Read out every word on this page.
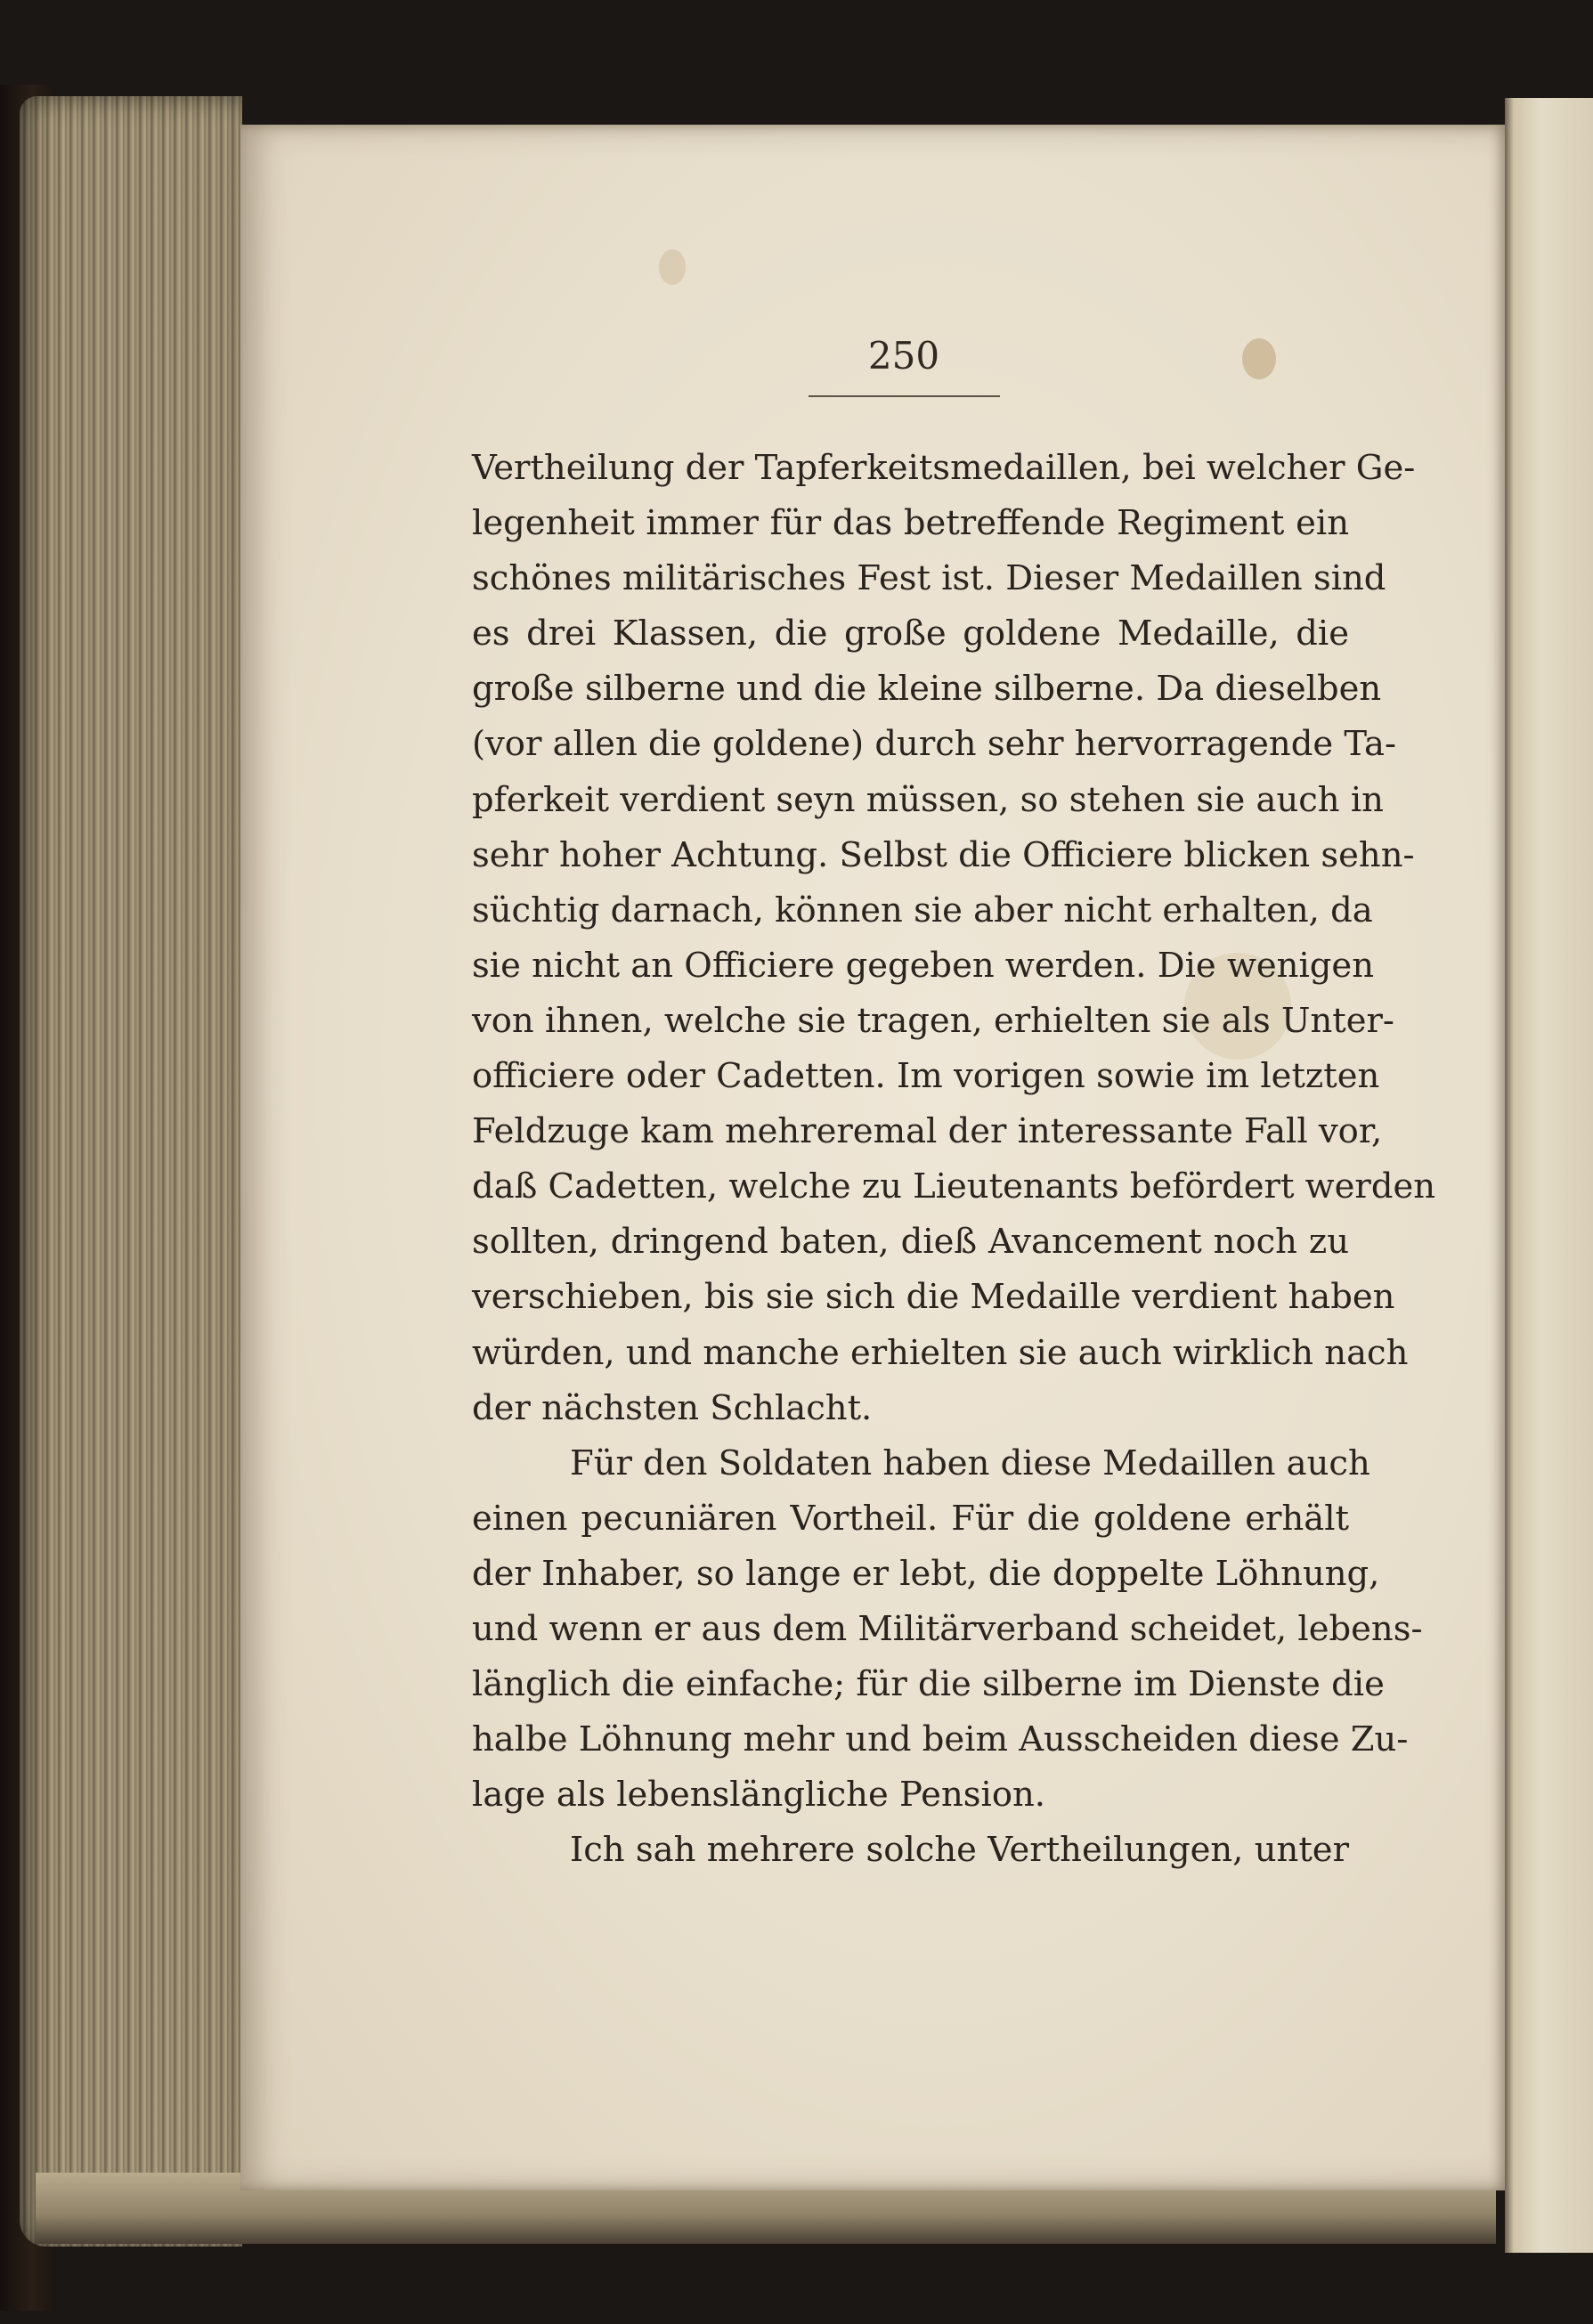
250
Vertheilung der Tapferkeitsmedaillen, bei welcher Ge-
legenheit immer für das betreffende Regiment ein
schönes militärisches Fest ist. Dieser Medaillen sind
es drei Klassen, die große goldene Medaille, die
große silberne und die kleine silberne. Da dieselben
(vor allen die goldene) durch sehr hervorragende Ta-
pferkeit verdient seyn müssen, so stehen sie auch in
sehr hoher Achtung. Selbst die Officiere blicken sehn-
süchtig darnach, können sie aber nicht erhalten, da
sie nicht an Officiere gegeben werden. Die wenigen
von ihnen, welche sie tragen, erhielten sie als Unter-
officiere oder Cadetten. Im vorigen sowie im letzten
Feldzuge kam mehreremal der interessante Fall vor,
daß Cadetten, welche zu Lieutenants befördert werden
sollten, dringend baten, dieß Avancement noch zu
verschieben, bis sie sich die Medaille verdient haben
würden, und manche erhielten sie auch wirklich nach
der nächsten Schlacht.
Für den Soldaten haben diese Medaillen auch
einen pecuniären Vortheil. Für die goldene erhält
der Inhaber, so lange er lebt, die doppelte Löhnung,
und wenn er aus dem Militärverband scheidet, lebens-
länglich die einfache; für die silberne im Dienste die
halbe Löhnung mehr und beim Ausscheiden diese Zu-
lage als lebenslängliche Pension.
Ich sah mehrere solche Vertheilungen, unter
